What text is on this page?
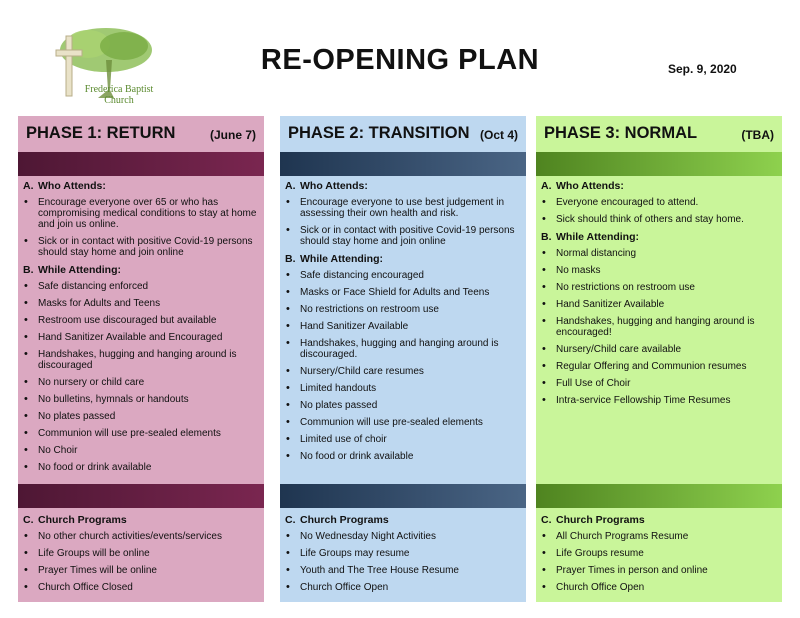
Frederica Baptist
Church
RE-OPENING PLAN	Sep. 9, 2020
PHASE 1: RETURN	(June 7)
A. Who Attends:
• Encourage everyone over 65 or who has compromising medical conditions to stay at home and join us online.
• Sick or in contact with positive Covid-19 persons should stay home and join online
B. While Attending:
• Safe distancing enforced
• Masks for Adults and Teens
• Restroom use discouraged but available
• Hand Sanitizer Available and Encouraged
• Handshakes, hugging and hanging around is discouraged
• No nursery or child care
• No bulletins, hymnals or handouts
• No plates passed
• Communion will use pre-sealed elements
• No Choir
• No food or drink available
C. Church Programs
• No other church activities/events/services
• Life Groups will be online
• Prayer Times will be online
• Church Office Closed
PHASE 2: TRANSITION (Oct 4)
A. Who Attends:
• Encourage everyone to use best judgement in assessing their own health and risk.
• Sick or in contact with positive Covid-19 persons should stay home and join online
B. While Attending:
• Safe distancing encouraged
• Masks or Face Shield for Adults and Teens
• No restrictions on restroom use
• Hand Sanitizer Available
• Handshakes, hugging and hanging around is discouraged.
• Nursery/Child care resumes
• Limited handouts
• No plates passed
• Communion will use pre-sealed elements
• Limited use of choir
• No food or drink available
C. Church Programs
• No Wednesday Night Activities
• Life Groups may resume
• Youth and The Tree House Resume
• Church Office Open
PHASE 3: NORMAL	(TBA)
A. Who Attends:
• Everyone encouraged to attend.
• Sick should think of others and stay home.
B. While Attending:
• Normal distancing
• No masks
• No restrictions on restroom use
• Hand Sanitizer Available
• Handshakes, hugging and hanging around is encouraged!
• Nursery/Child care available
• Regular Offering and Communion resumes
• Full Use of Choir
• Intra-service Fellowship Time Resumes
C. Church Programs
• All Church Programs Resume
• Life Groups resume
• Prayer Times in person and online
• Church Office Open
